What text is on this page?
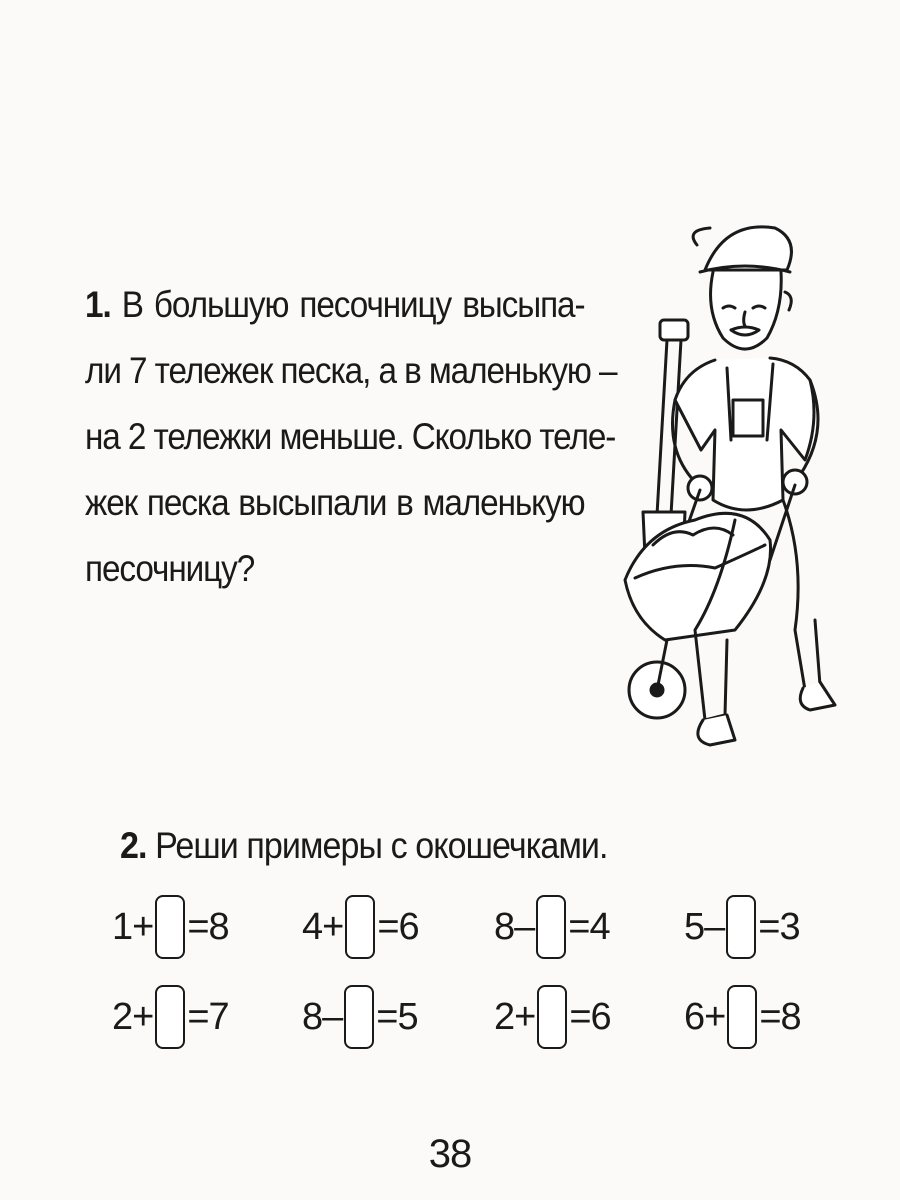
1. В большую песочницу высыпа-
ли 7 тележек песка, а в маленькую –
на 2 тележки меньше. Сколько теле-
жек песка высыпали в маленькую
песочницу?
2. Реши примеры с окошечками.
1+ =8 4+ =6 8– =4 5– =3
2+ =7 8– =5 2+ =6 6+ =8
38
